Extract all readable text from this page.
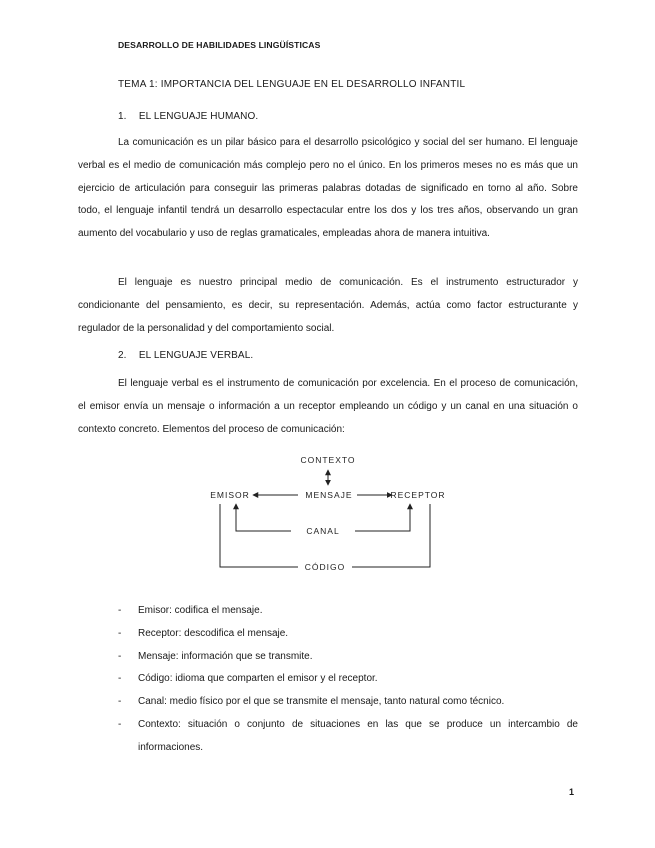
DESARROLLO DE HABILIDADES LINGÜÍSTICAS
TEMA 1: IMPORTANCIA DEL LENGUAJE EN EL DESARROLLO INFANTIL
1. EL LENGUAJE HUMANO.

La comunicación es un pilar básico para el desarrollo psicológico y social del ser humano. El lenguaje verbal es el medio de comunicación más complejo pero no el único. En los primeros meses no es más que un ejercicio de articulación para conseguir las primeras palabras dotadas de significado en torno al año. Sobre todo, el lenguaje infantil tendrá un desarrollo espectacular entre los dos y los tres años, observando un gran aumento del vocabulario y uso de reglas gramaticales, empleadas ahora de manera intuitiva.

El lenguaje es nuestro principal medio de comunicación. Es el instrumento estructurador y condicionante del pensamiento, es decir, su representación. Además, actúa como factor estructurante y regulador de la personalidad y del comportamiento social.

2. EL LENGUAJE VERBAL.

El lenguaje verbal es el instrumento de comunicación por excelencia. En el proceso de comunicación, el emisor envía un mensaje o información a un receptor empleando un código y un canal en una situación o contexto concreto. Elementos del proceso de comunicación:

CONTEXTO
EMISOR	MENSAJE	RECEPTOR
CANAL
CÓDIGO
- Emisor: codifica el mensaje.
- Receptor: descodifica el mensaje.
- Mensaje: información que se transmite.
- Código: idioma que comparten el emisor y el receptor.
- Canal: medio físico por el que se transmite el mensaje, tanto natural como técnico.
- Contexto: situación o conjunto de situaciones en las que se produce un intercambio de informaciones.
1
